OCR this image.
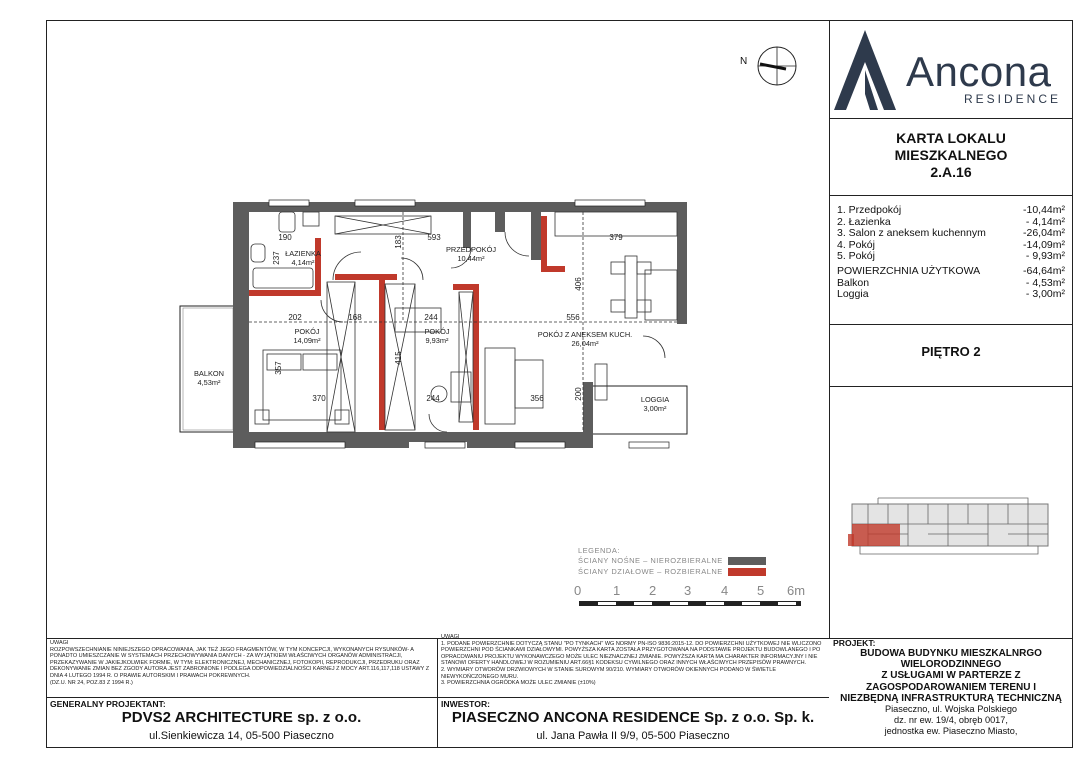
N	Ancona
RESIDENCE
KARTA LOKALU
MIESZKALNEGO
2.A.16
1. Przedpokój	-10,44m²
2. Łazienka	- 4,14m²
3. Salon z aneksem kuchennym	-26,04m²
4. Pokój	-14,09m²
5. Pokój	- 9,93m²
POWIERZCHNIA UŻYTKOWA	-64,64m²
Balkon	- 4,53m²
Loggia	- 3,00m²
PIĘTRO 2
ŁAZIENKA
4,14m²
PRZEDPOKÓJ
10,44m²
POKÓJ
14,09m²
POKÓJ
9,93m²
POKÓJ Z ANEKSEM KUCH.
26,04m²
BALKON
4,53m²
LOGGIA
3,00m²
190	593	379
237
183
406
202	168	244	556
357
415
370	244	356	200
LEGENDA:
ŚCIANY NOŚNE – NIEROZBIERALNE
ŚCIANY DZIAŁOWE – ROZBIERALNE
0 1 2 3 4 5 6m
UWAGI
ROZPOWSZECHNIANIE NINIEJSZEGO OPRACOWANIA, JAK TEŻ JEGO FRAGMENTÓW, W TYM KONCEPCJI, WYKONANYCH RYSUNKÓW- A PONADTO UMIESZCZANIE W SYSTEMACH PRZECHOWYWANIA DANYCH - ZA WYJĄTKIEM WŁAŚCIWYCH ORGANÓW ADMINISTRACJI, PRZEKAZYWANIE W JAKIEJKOLWIEK FORMIE, W TYM: ELEKTRONICZNEJ, MECHANICZNEJ, FOTOKOPII, REPRODUKCJI, PRZEDRUKU ORAZ DEKONYWANIE ZMIAN BEZ ZGODY AUTORA JEST ZABRONIONE I PODLEGA ODPOWIEDZIALNOŚCI KARNEJ Z MOCY ART.116,117,118 USTAWY Z DNIA 4 LUTEGO 1994 R. O PRAWIE AUTORSKIM I PRAWACH POKREWNYCH.
(DZ.U. NR 24, POZ.83 Z 1994 R.)
UWAGI
1. PODANE POWIERZCHNIE DOTYCZĄ STANU "PO TYNKACH" WG NORMY PN-ISO 9836:2015-12. DO POWIERZCHNI UŻYTKOWEJ NIE WLICZONO POWIERZCHNI POD ŚCIANKAMI DZIAŁOWYMI. POWYŻSZA KARTA ZOSTAŁA PRZYGOTOWANA NA PODSTAWIE PROJEKTU BUDOWLANEGO I PO OPRACOWANIU PROJEKTU WYKONAWCZEGO MOŻE ULEC NIEZNACZNEJ ZMIANIE. POWYŻSZA KARTA MA CHARAKTER INFORMACYJNY I NIE STANOWI OFERTY HANDLOWEJ W ROZUMIENIU ART.66§1 KODEKSU CYWILNEGO ORAZ INNYCH WŁAŚCIWYCH PRZEPISÓW PRAWNYCH.
2. WYMIARY OTWORÓW DRZWIOWYCH W STANIE SUROWYM 90/210. WYMIARY OTWORÓW OKIENNYCH PODANO W ŚWIETLE NIEWYKOŃCZONEGO MURU.
3. POWIERZCHNIA OGRÓDKA MOŻE ULEC ZMIANIE (±10%)
GENERALNY PROJEKTANT:
PDVS2 ARCHITECTURE sp. z o.o.
ul.Sienkiewicza 14, 05-500 Piaseczno
INWESTOR:
PIASECZNO ANCONA RESIDENCE Sp. z o.o. Sp. k.
ul. Jana Pawła II 9/9, 05-500 Piaseczno
PROJEKT:
BUDOWA BUDYNKU MIESZKALNRGO
WIELORODZINNEGO
Z USŁUGAMI W PARTERZE Z
ZAGOSPODAROWANIEM TERENU I
NIEZBĘDNĄ INFRASTRUKTURĄ TECHNICZNĄ
Piaseczno, ul. Wojska Polskiego
dz. nr ew. 19/4, obręb 0017,
jednostka ew. Piaseczno Miasto,
